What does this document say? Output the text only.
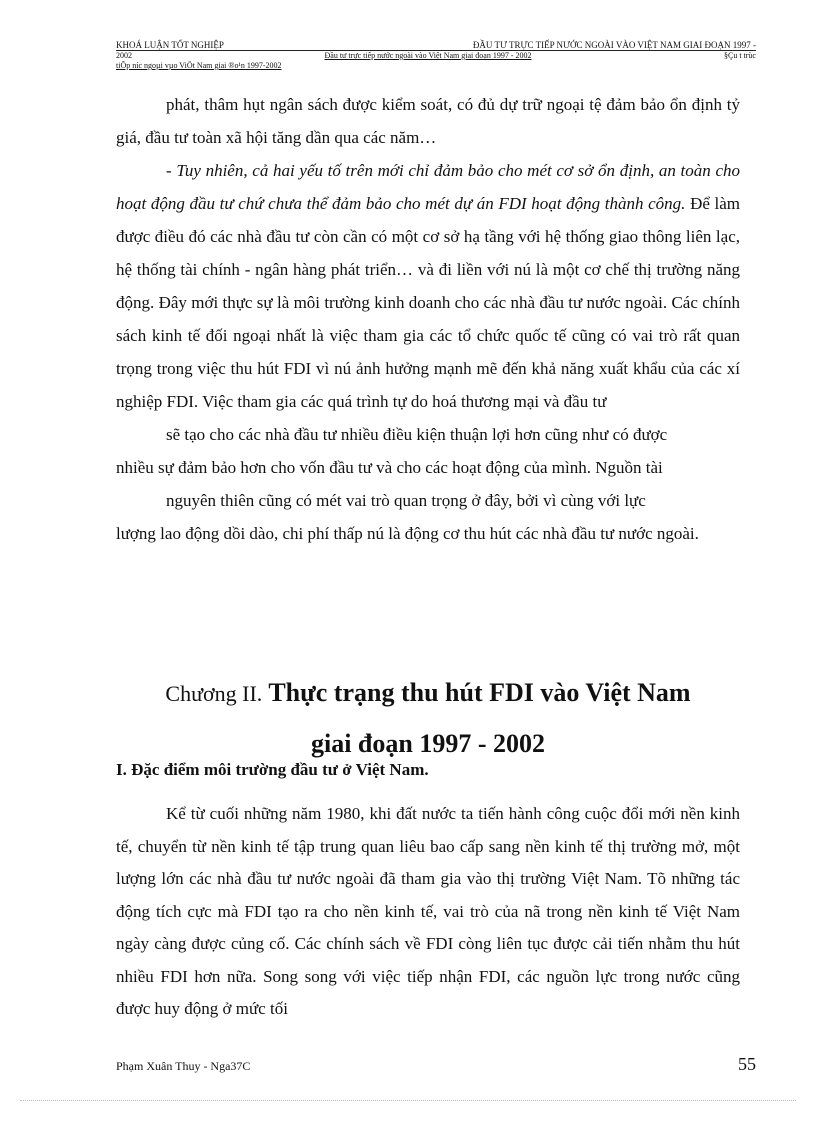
KHOÁ LUẬN TỐT NGHIỆP	ĐẦU TƯ TRỰC TIẾP NƯỚC NGOÀI VÀO VIỆT NAM GIAI ĐOẠN 1997 -
2002	Đầu tư trực tiếp nước ngoài vào Việt Nam giai đoạn 1997 - 2002	§Çu t trùc
tiÕp níc ngoµi vµo ViÖt Nam giai ®o¹n 1997-2002

phát, thâm hụt ngân sách được kiểm soát, có đủ dự trữ ngoại tệ đảm bảo ổn định tỷ giá, đầu tư toàn xã hội tăng dần qua các năm…

- Tuy nhiên, cả hai yếu tố trên mới chỉ đảm bảo cho mét cơ sở ổn định, an toàn cho hoạt động đầu tư chứ chưa thể đảm bảo cho mét dự án FDI hoạt động thành công. Để làm được điều đó các nhà đầu tư còn cần có một cơ sở hạ tầng với hệ thống giao thông liên lạc, hệ thống tài chính - ngân hàng phát triển… và đi liền với nú là một cơ chế thị trường năng động. Đây mới thực sự là môi trường kinh doanh cho các nhà đầu tư nước ngoài. Các chính sách kinh tế đối ngoại nhất là việc tham gia các tổ chức quốc tế cũng có vai trò rất quan trọng trong việc thu hút FDI vì nú ảnh hưởng mạnh mẽ đến khả năng xuất khẩu của các xí nghiệp FDI. Việc tham gia các quá trình tự do hoá thương mại và đầu tư

sẽ tạo cho các nhà đầu tư nhiều điều kiện thuận lợi hơn cũng như có được

nhiều sự đảm bảo hơn cho vốn đầu tư và cho các hoạt động của mình. Nguồn tài

nguyên thiên cũng có mét vai trò quan trọng ở đây, bởi vì cùng với lực

lượng lao động dồi dào, chi phí thấp nú là động cơ thu hút các nhà đầu tư nước ngoài.

Chương II. Thực trạng thu hút FDI vào Việt Nam
giai đoạn 1997 - 2002
I. Đặc điểm môi trường đầu tư ở Việt Nam.

Kể từ cuối những năm 1980, khi đất nước ta tiến hành công cuộc đổi mới nền kinh tế, chuyển từ nền kinh tế tập trung quan liêu bao cấp sang nền kinh tế thị trường mở, một lượng lớn các nhà đầu tư nước ngoài đã tham gia vào thị trường Việt Nam. Tõ những tác động tích cực mà FDI tạo ra cho nền kinh tế, vai trò của nã trong nền kinh tế Việt Nam ngày càng được củng cố. Các chính sách về FDI còng liên tục được cải tiến nhằm thu hút nhiều FDI hơn nữa. Song song với việc tiếp nhận FDI, các nguồn lực trong nước cũng được huy động ở mức tối

Phạm Xuân Thuy - Nga37C	55
